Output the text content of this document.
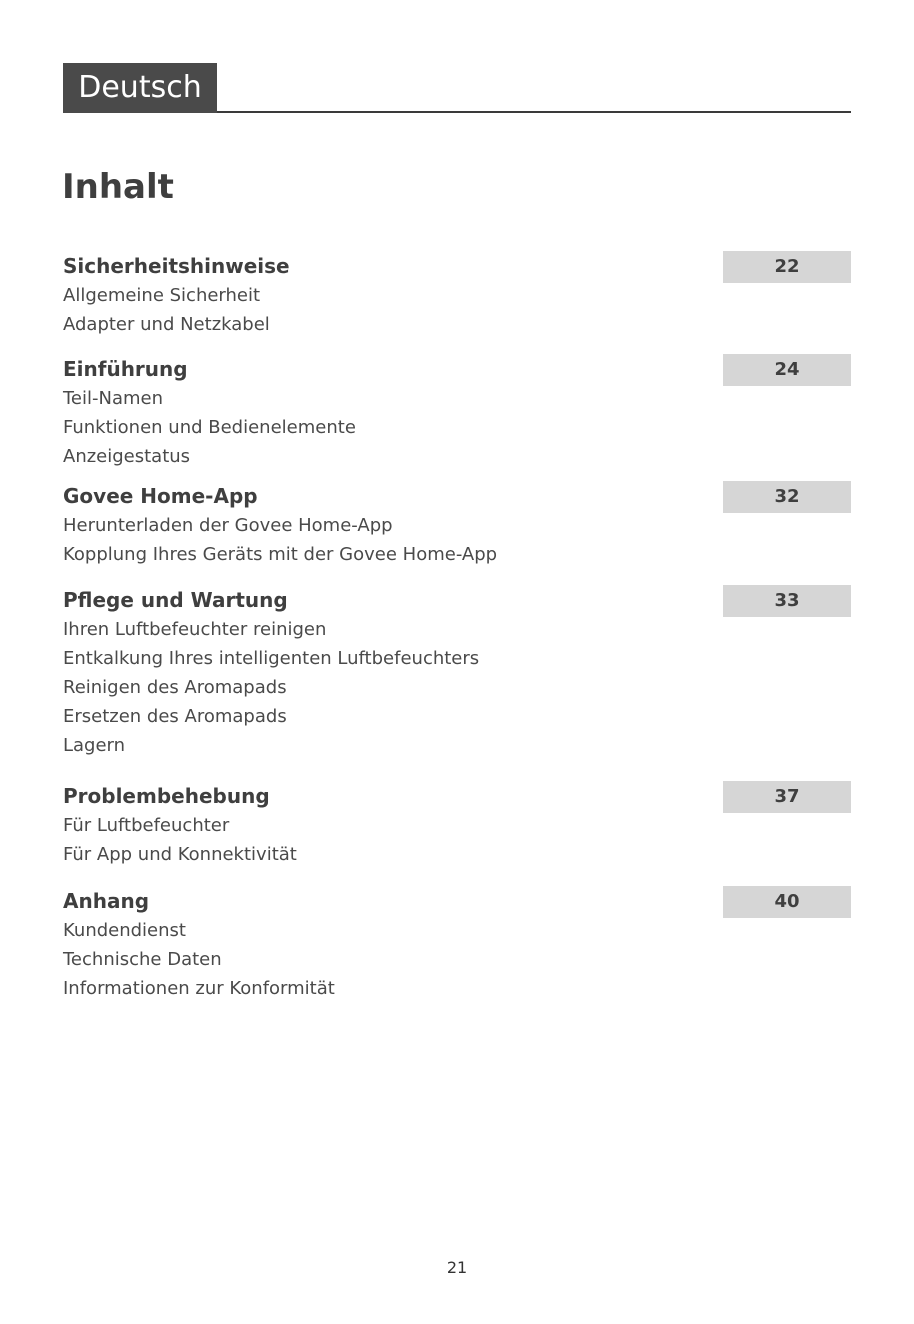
Deutsch
Inhalt
Sicherheitshinweise	22
Allgemeine Sicherheit
Adapter und Netzkabel
Einführung	24
Teil-Namen
Funktionen und Bedienelemente
Anzeigestatus
Govee Home-App	32
Herunterladen der Govee Home-App
Kopplung Ihres Geräts mit der Govee Home-App
Pflege und Wartung	33
Ihren Luftbefeuchter reinigen
Entkalkung Ihres intelligenten Luftbefeuchters
Reinigen des Aromapads
Ersetzen des Aromapads
Lagern
Problembehebung	37
Für Luftbefeuchter
Für App und Konnektivität
Anhang	40
Kundendienst
Technische Daten
Informationen zur Konformität
21
